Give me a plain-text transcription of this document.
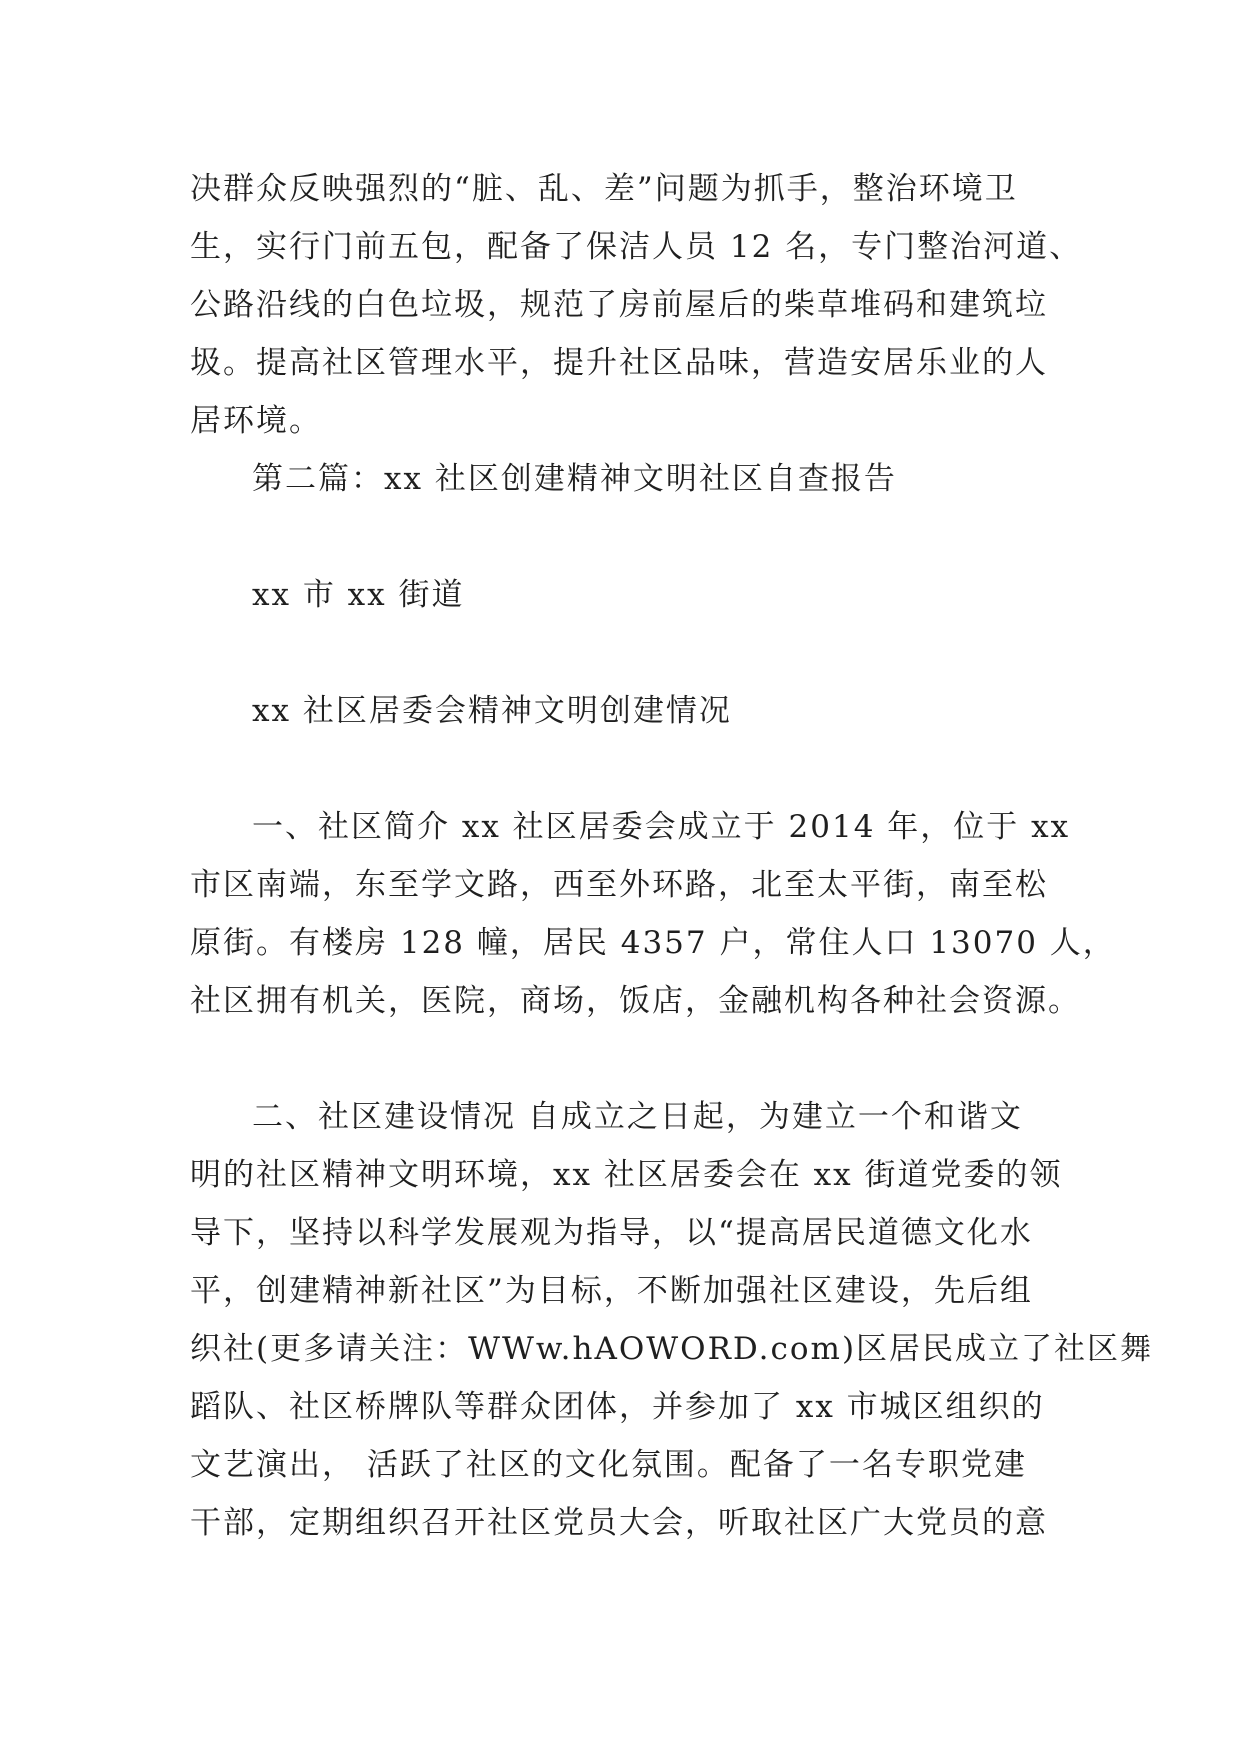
决群众反映强烈的“脏、乱、差”问题为抓手，整治环境卫
生，实行门前五包，配备了保洁人员 12 名，专门整治河道、
公路沿线的白色垃圾，规范了房前屋后的柴草堆码和建筑垃
圾。提高社区管理水平，提升社区品味，营造安居乐业的人
居环境。
第二篇：xx 社区创建精神文明社区自查报告
xx 市 xx 街道
xx 社区居委会精神文明创建情况
一、社区简介 xx 社区居委会成立于 2014 年，位于 xx
市区南端，东至学文路，西至外环路，北至太平街，南至松
原街。有楼房 128 幢，居民 4357 户，常住人口 13070 人，
社区拥有机关，医院，商场，饭店，金融机构各种社会资源。
二、社区建设情况 自成立之日起，为建立一个和谐文
明的社区精神文明环境，xx 社区居委会在 xx 街道党委的领
导下，坚持以科学发展观为指导，以“提高居民道德文化水
平，创建精神新社区”为目标，不断加强社区建设，先后组
织社(更多请关注：WWw.hAOWORD.com)区居民成立了社区舞
蹈队、社区桥牌队等群众团体，并参加了 xx 市城区组织的
文艺演出， 活跃了社区的文化氛围。配备了一名专职党建
干部，定期组织召开社区党员大会，听取社区广大党员的意
